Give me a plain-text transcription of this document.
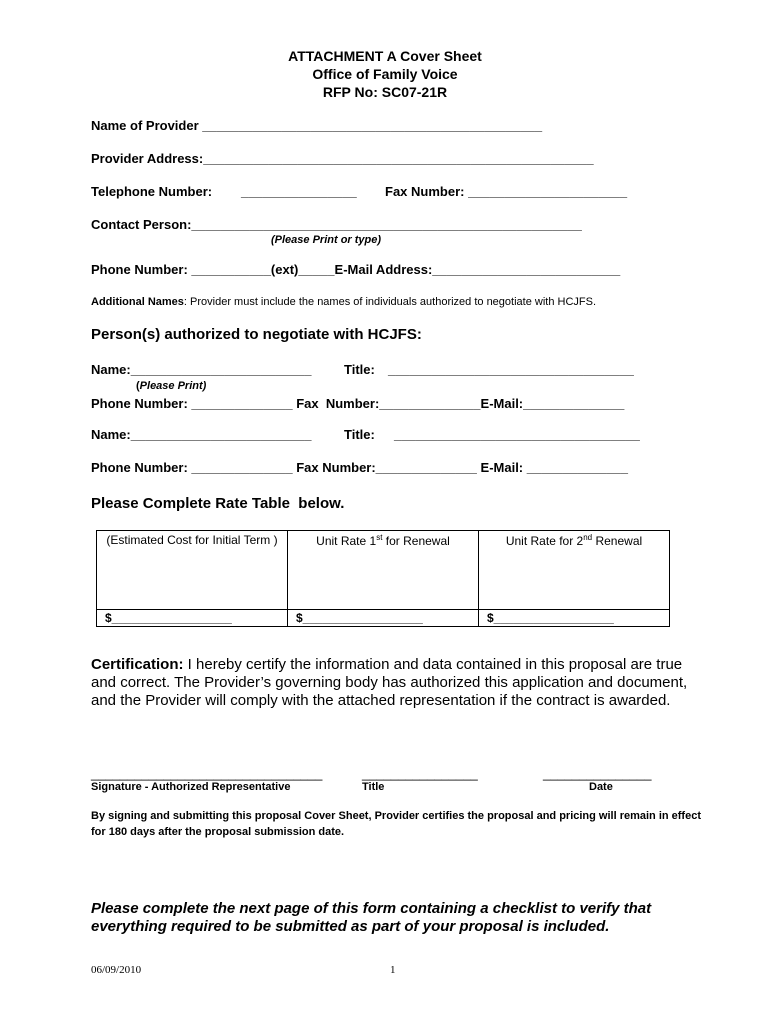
ATTACHMENT A Cover Sheet
Office of Family Voice
RFP No: SC07-21R
Name of Provider _______________________________________________
Provider Address:______________________________________________________
Telephone Number: ________________ Fax Number: ______________________
Contact Person:______________________________________________________
(Please Print or type)
Phone Number: ___________(ext)_____E-Mail Address:__________________________
Additional Names: Provider must include the names of individuals authorized to negotiate with HCJFS.
Person(s) authorized to negotiate with HCJFS:
Name:_________________________	Title: __________________________________
(Please Print)
Phone Number: ______________ Fax  Number:______________E-Mail:______________
Name:_________________________	Title: __________________________________
Phone Number: ______________ Fax Number:______________ E-Mail: ______________
Please Complete Rate Table  below.
(Estimated Cost for Initial Term )	Unit Rate 1st for Renewal	Unit Rate for 2nd Renewal
$__________________	$__________________	$__________________
Certification: I hereby certify the information and data contained in this proposal are true and correct. The Provider’s governing body has authorized this application and document, and the Provider will comply with the attached representation if the contract is awarded.
________________________________	________________	_______________
Signature - Authorized Representative	Title	Date
By signing and submitting this proposal Cover Sheet, Provider certifies the proposal and pricing will remain in effect for 180 days after the proposal submission date.
Please complete the next page of this form containing a checklist to verify that everything required to be submitted as part of your proposal is included.
06/09/2010	1
